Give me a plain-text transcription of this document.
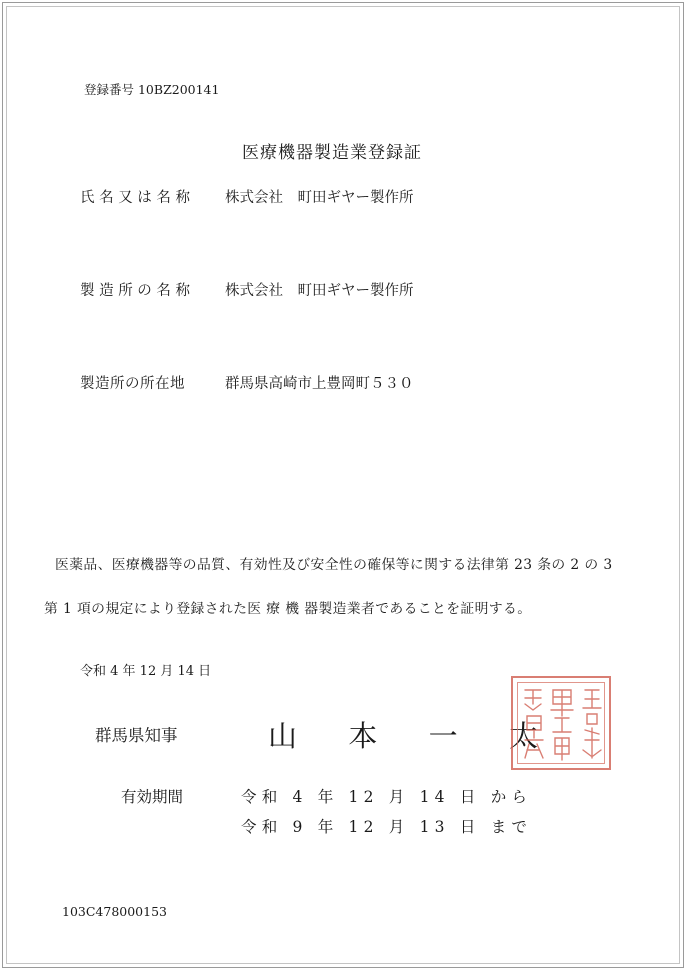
登録番号 10BZ200141
医療機器製造業登録証
氏名又は名称 株式会社　町田ギヤー製作所
製造所の名称 株式会社　町田ギヤー製作所
製造所の所在地	群馬県高崎市上豊岡町５３０
医薬品、医療機器等の品質、有効性及び安全性の確保等に関する法律第 23 条の 2 の 3
第 1 項の規定により登録された医 療 機 器製造業者であることを証明する。
令和 4 年 12 月 14 日
群馬県知事	山 本 一 太
有効期間	令和 4 年 12 月 14 日 から
令和 9 年 12 月 13 日 まで
103C478000153
